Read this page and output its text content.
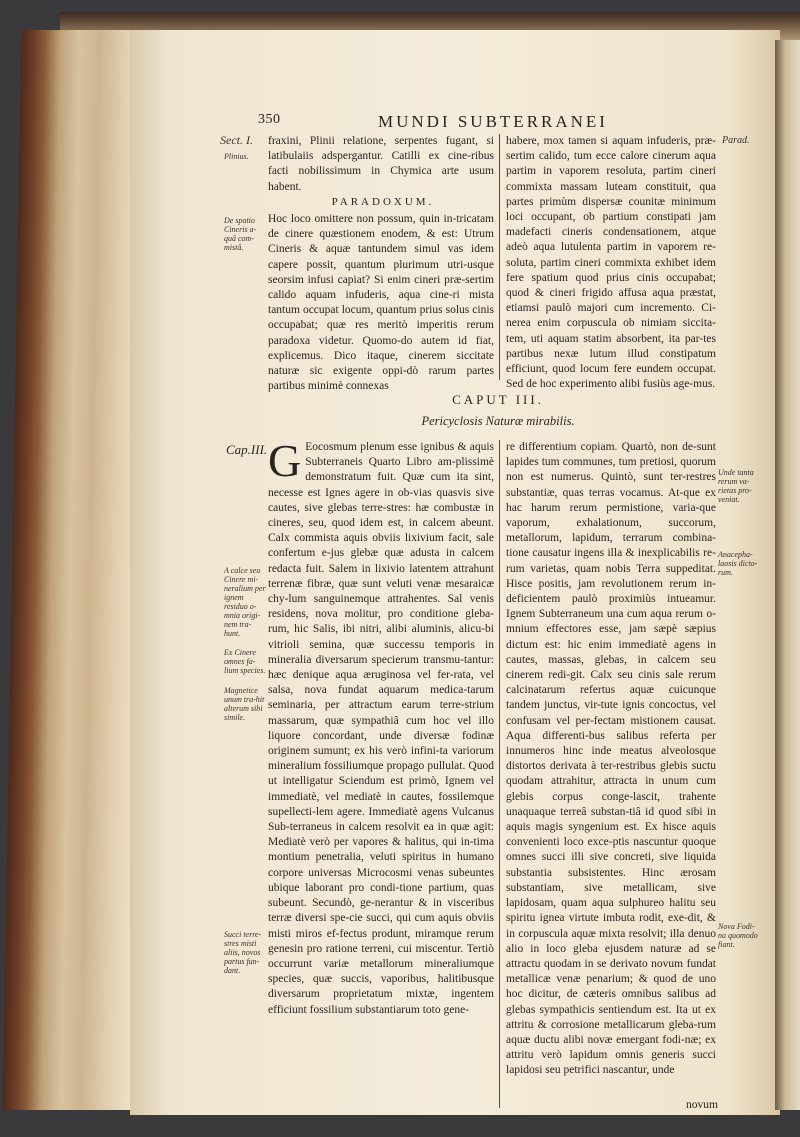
350	MUNDI SUBTERRANEI
Sect. I.
Plinius.
De spatio Cineris a-quâ com-mistâ.
A calce seu Cinere mi-neralium per ignem residuo o-mnia origi-nem tra-hunt.
Ex Cinere omnes fa-lium species.
Magnetice unum tra-hit alterum sibi simile.
Succi terre-stres misti aliis, novos partus fun-dant.
Parad.
Unde tanta rerum va-rietas pro-veniat.
Anacepha-laosis dicto-rum.
Nova Fodi-na quomodo fiant.
fraxini, Plinii relatione, serpentes fugant, si latibulaiis adspergantur. Catilli ex cine-ribus facti nobilissimum in Chymica arte usum habent.
PARADOXUM.
Hoc loco omittere non possum, quin in-tricatam de cinere quæstionem enodem, & est: Utrum Cineris & aquæ tantundem simul vas idem capere possit, quantum plurimum utri-usque seorsim infusi capiat? Si enim cineri præ-sertim calido aquam infuderis, aqua cine-ri mista tantum occupat locum, quantum prius solus cinis occupabat; quæ res meritò imperitis rerum paradoxa videtur. Quomo-do autem id fiat, explicemus. Dico itaque, cinerem siccitate naturæ sic exigente oppi-dò rarum partes partibus minimè connexas
habere, mox tamen si aquam infuderis, præ-sertim calido, tum ecce calore cinerum aqua partim in vaporem resoluta, partim cineri commixta massam luteam constituit, qua partes primùm dispersæ counitæ minimum loci occupant, ob partium constipati jam madefacti cineris condensationem, atque adeò aqua lutulenta partim in vaporem re-soluta, partim cineri commixta exhibet idem fere spatium quod prius cinis occupabat; quod & cineri frigido affusa aqua præstat, etiamsi paulò majori cum incremento. Ci-nerea enim corpuscula ob nimiam siccita-tem, uti aquam statim absorbent, ita par-tes partibus nexæ lutum illud constipatum efficiunt, quod locum fere eundem occupat. Sed de hoc experimento alibi fusiùs age-mus.
CAPUT III.
Pericyclosis Naturæ mirabilis.
Cap.III. G Eocosmum plenum esse ignibus & aquis Subterraneis Quarto Libro am-plissimè demonstratum fuit. Quæ cum ita sint, necesse est Ignes agere in ob-vias quasvis sive cautes, sive glebas terre-stres: hæ combustæ in cineres, seu, quod idem est, in calcem abeunt. Calx commista aquis obviis lixivium facit, sale confertum e-jus glebæ quæ adusta in calcem redacta fuit. Salem in lixivio latentem attrahunt terrenæ fibræ, quæ sunt veluti venæ mesaraicæ chy-lum sanguinemque attrahentes. Sal venis residens, nova molitur, pro conditione gleba-rum, hic Salis, ibi nitri, alibi aluminis, alicu-bi vitrioli semina, quæ successu temporis in mineralia diversarum specierum transmu-tantur: hæc denique aqua æruginosa vel fer-rata, vel salsa, nova fundat aquarum medica-tarum seminaria, per attractum earum terre-strium massarum, quæ sympathiâ cum hoc vel illo liquore concordant, unde diversæ fodinæ originem sumunt; ex his verò infini-ta variorum mineralium fossiliumque propago pullulat. Quod ut intelligatur Sciendum est primò, Ignem vel immediatè, vel mediatè in cautes, fossilemque supellecti-lem agere. Immediatè agens Vulcanus Sub-terraneus in calcem resolvit ea in quæ agit: Mediatè verò per vapores & halitus, qui in-tima montium penetralia, veluti spiritus in humano corpore universas Microcosmi venas subeuntes ubique laborant pro condi-tione partium, quas subeunt. Secundò, ge-nerantur & in visceribus terræ diversi spe-cie succi, qui cum aquis obviis misti miros ef-fectus produnt, miramque rerum genesin pro ratione terreni, cui miscentur. Tertiò occurrunt variæ metallorum mineraliumque species, quæ succis, vaporibus, halitibusque diversarum proprietatum mixtæ, ingentem efficiunt fossilium substantiarum toto gene-
re differentium copiam. Quartò, non de-sunt lapides tum communes, tum pretiosi, quorum non est numerus. Quintò, sunt ter-restres substantiæ, quas terras vocamus. At-que ex hac harum rerum permistione, varia-que vaporum, exhalationum, succorum, metallorum, lapidum, terrarum combina-tione causatur ingens illa & inexplicabilis re-rum varietas, quam nobis Terra suppeditat. Hisce positis, jam revolutionem rerum in-deficientem paulò proximiùs intueamur. Ignem Subterraneum una cum aqua rerum o-mnium effectores esse, jam sæpè sæpius dictum est: hic enim immediatè agens in cautes, massas, glebas, in calcem seu cinerem redi-git. Calx seu cinis sale rerum calcinatarum refertus aquæ cuicunque tandem junctus, vir-tute ignis concoctus, vel confusam vel per-fectam mistionem causat. Aqua differenti-bus salibus referta per innumeros hinc inde meatus alveolosque distortos derivata à ter-restribus glebis suctu quodam attrahitur, attracta in unum cum glebis corpus conge-lascit, trahente unaquaque terreâ substan-tiâ id quod sibi in aquis magis syngenium est. Ex hisce aquis convenienti loco exce-ptis nascuntur quoque omnes succi illi sive concreti, sive liquida substantia subsistentes. Hinc ærosam substantiam, sive metallicam, sive lapidosam, quam aqua sulphureo halitu seu spiritu ignea virtute imbuta rodit, exe-dit, & in corpuscula aquæ mixta resolvit; illa denuo alio in loco gleba ejusdem naturæ ad se attractu quodam in se derivato novum fundat metallicæ venæ penarium; & quod de uno hoc dicitur, de cæteris omnibus salibus ad glebas sympathicis sentiendum est. Ita ut ex attritu & corrosione metallicarum gleba-rum aquæ ductu alibi novæ emergant fodi-næ; ex attritu verò lapidum omnis generis succi lapidosi seu petrifici nascantur, unde
novum
